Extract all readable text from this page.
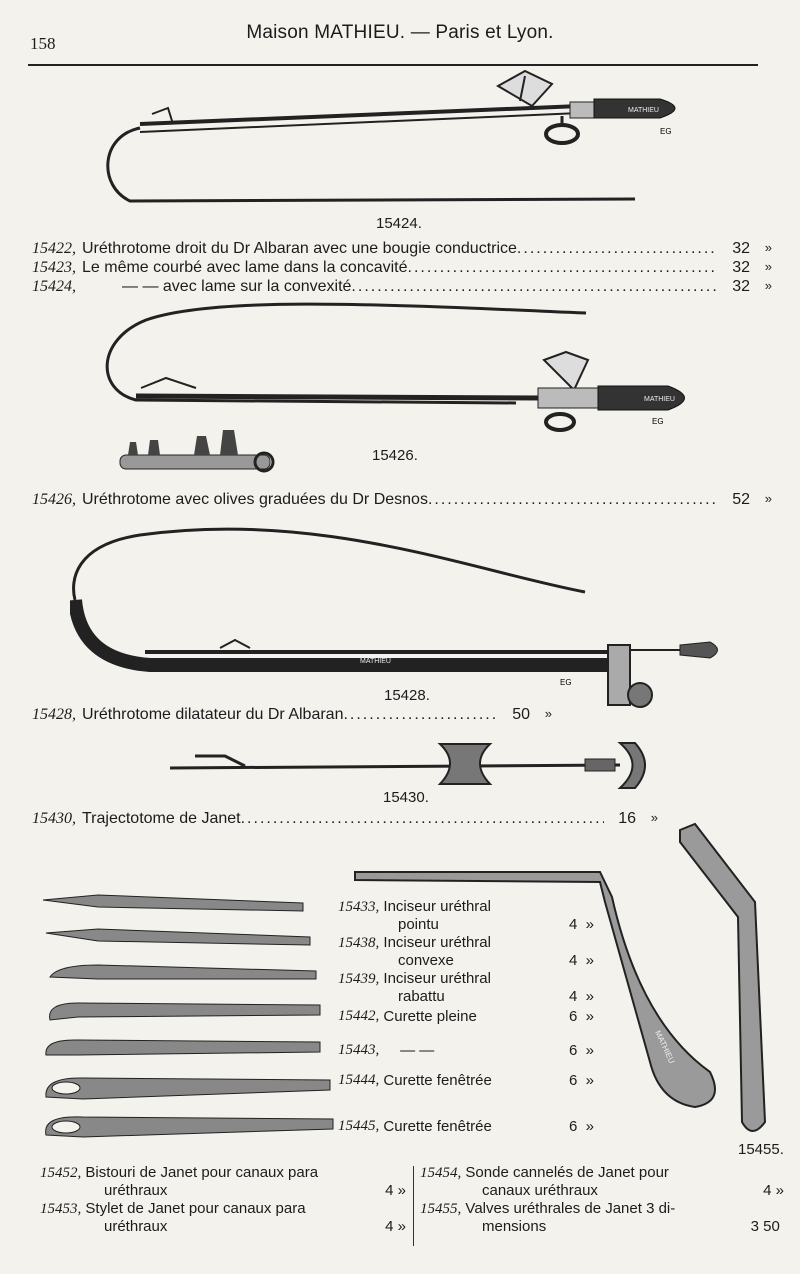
158
Maison MATHIEU. — Paris et Lyon.
MATHIEU
EG
15424.
15422, Uréthrotome droit du Dr Albaran avec une bougie conductrice .....	32	»
15423, Le même courbé avec lame dans la concavité .....	32	»
15424,	— — avec lame sur la convexité .....	32	»
MATHIEU
EG
15426.
15426, Uréthrotome avec olives graduées du Dr Desnos .....	52	»
MATHIEU
EG
15428.
15428, Uréthrotome dilatateur du Dr Albaran .....	50	»
15430.
15430, Trajectotome de Janet .....	16	»
15433, Inciseur uréthral
pointu	4
»
15438, Inciseur uréthral
convexe	4
»
15439, Inciseur uréthral
rabattu	4
»
15442,
Curette pleine	6
»
15443,
— —	6
»
15444,
Curette fenêtrée	6
»
15445,
Curette fenêtrée	6
»
MATHIEU
15455.
15452, Bistouri de Janet pour canaux para
uréthraux	4
»
15453, Stylet de Janet pour canaux para
uréthraux	4
»
15454, Sonde cannelés de Janet pour
canaux uréthraux	4
»
15455, Valves uréthrales de Janet 3 di-
mensions	3 50
